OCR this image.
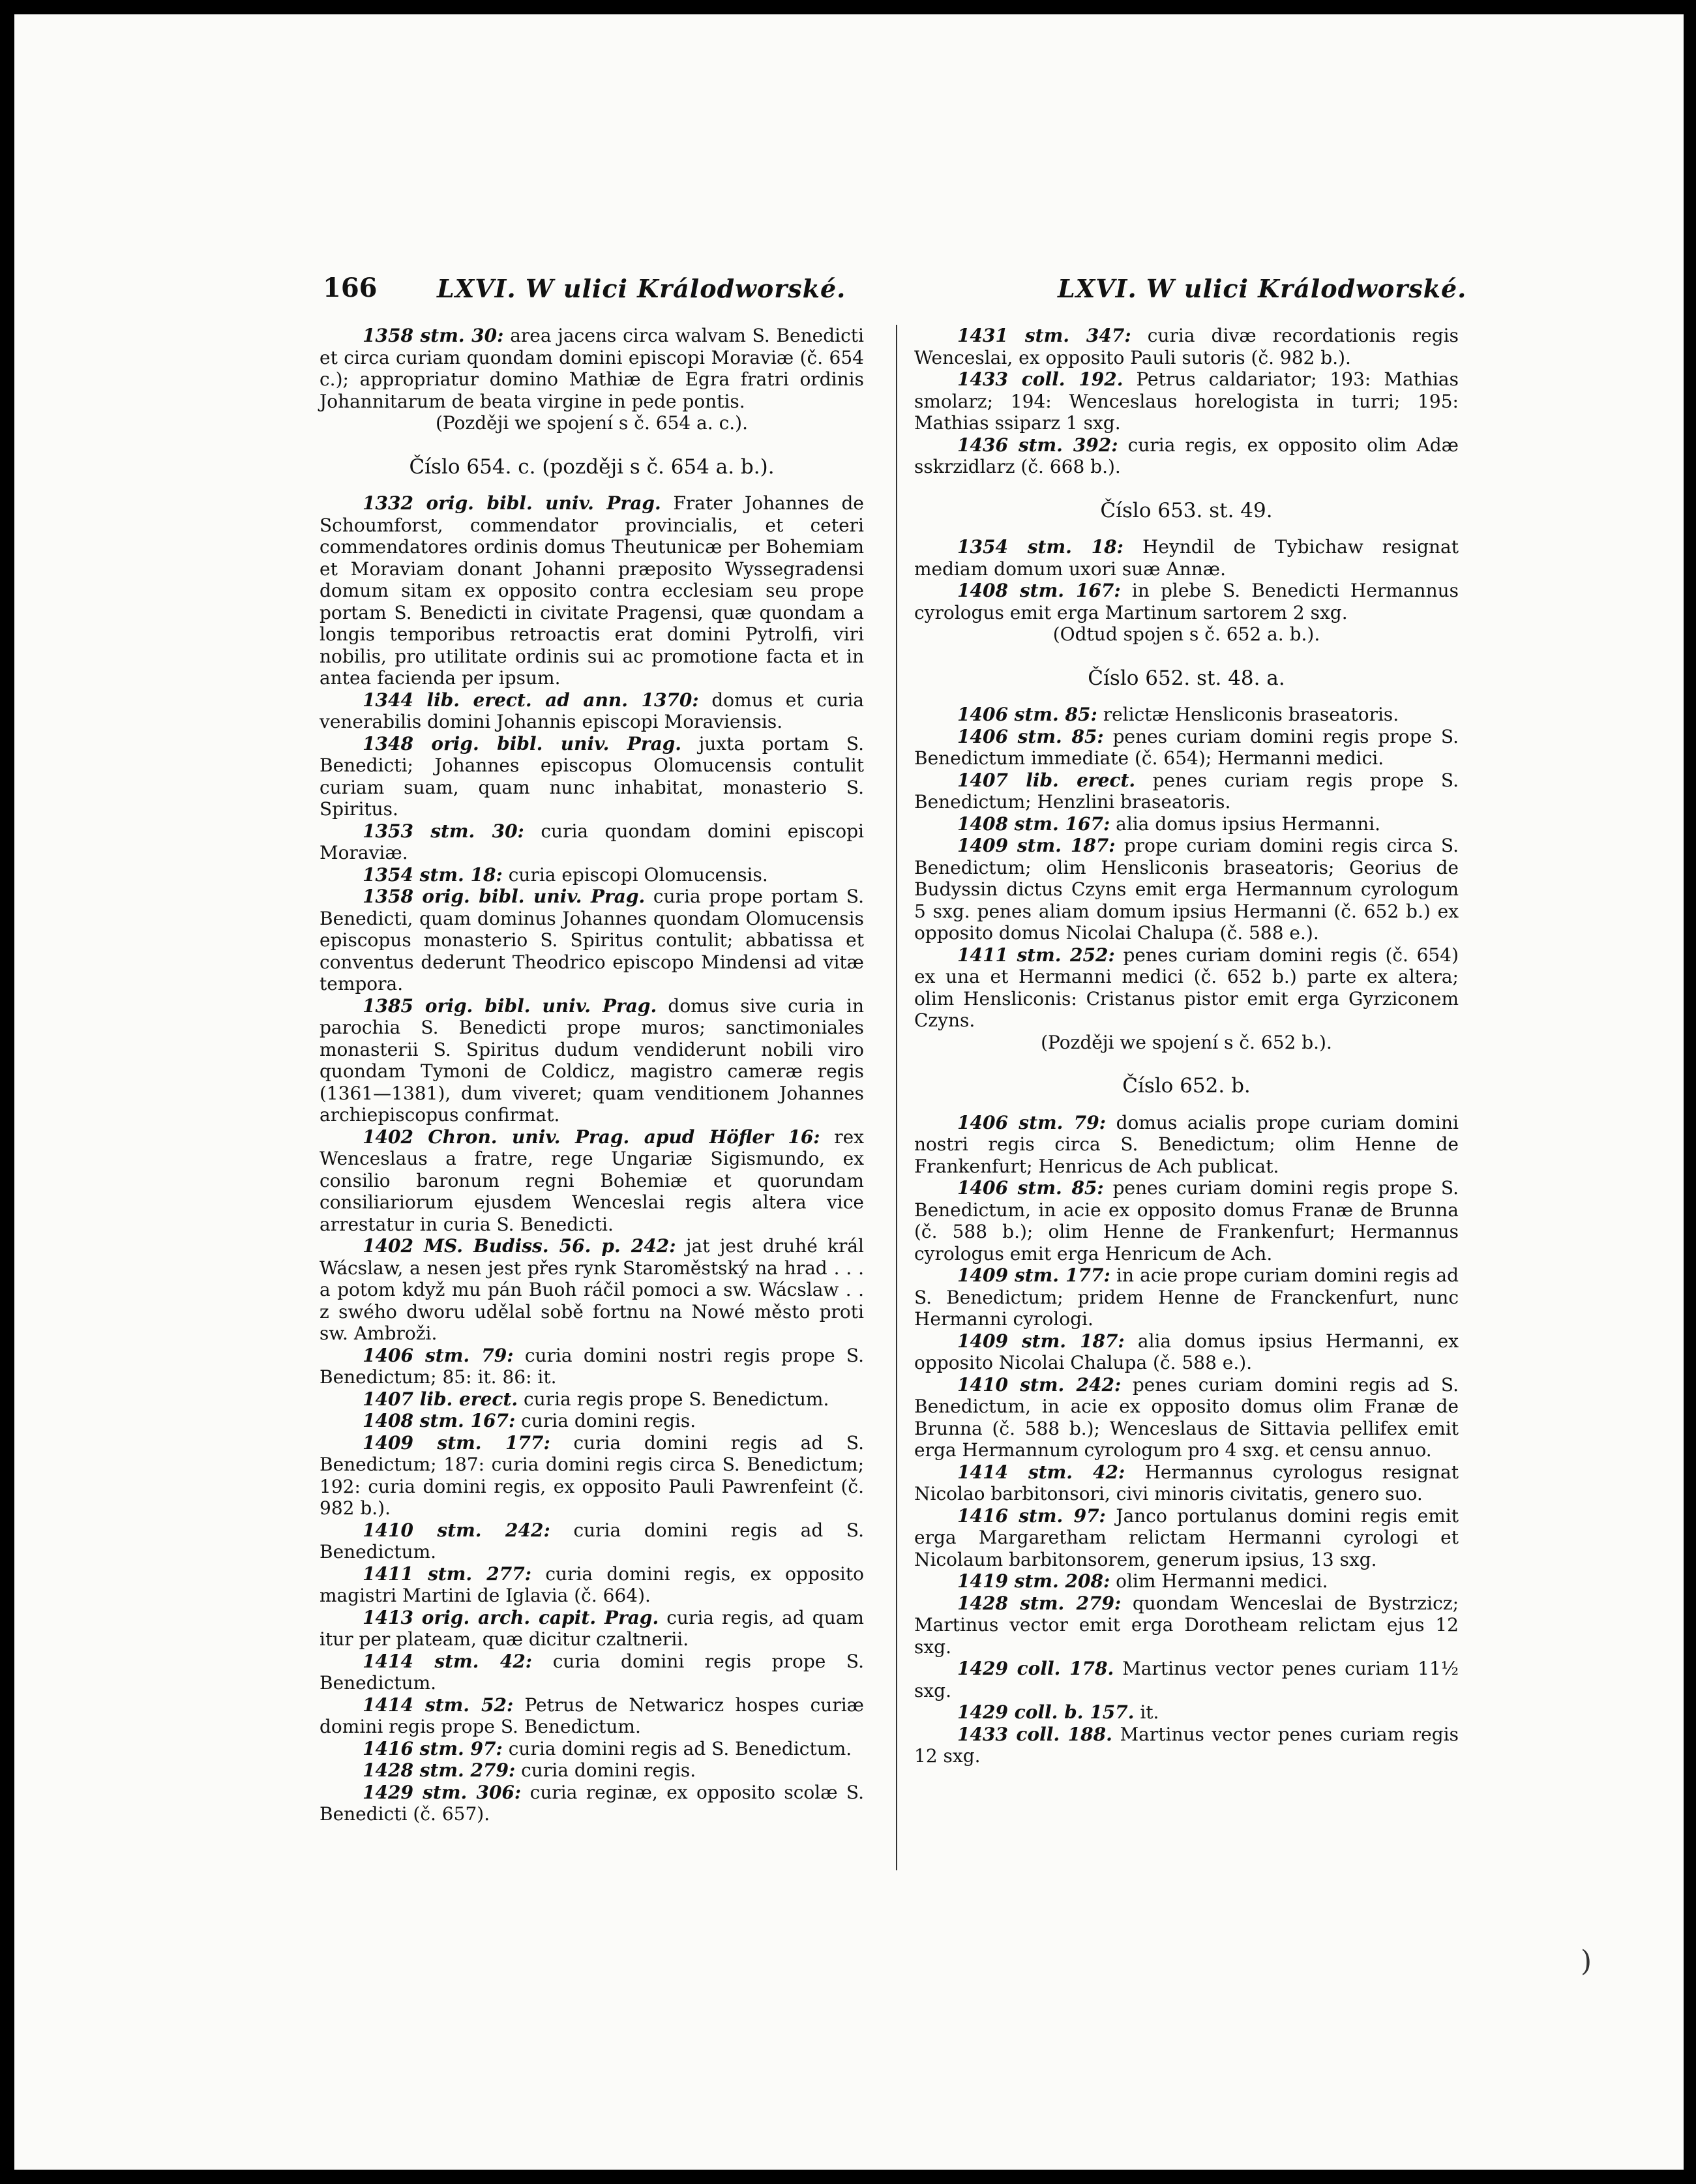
166 LXVI. W ulici Králodworské.	LXVI. W ulici Králodworské.

1358 stm. 30: area jacens circa walvam S. Benedicti et circa curiam quondam domini episcopi Moraviæ (č. 654 c.); appropriatur domino Mathiæ de Egra fratri ordinis Johannitarum de beata virgine in pede pontis.

(Později we spojení s č. 654 a. c.).

Číslo 654. c. (později s č. 654 a. b.).

1332 orig. bibl. univ. Prag. Frater Johannes de Schoumforst, commendator provincialis, et ceteri commendatores ordinis domus Theutunicæ per Bohemiam et Moraviam donant Johanni præposito Wyssegradensi domum sitam ex opposito contra ecclesiam seu prope portam S. Benedicti in civitate Pragensi, quæ quondam a longis temporibus retroactis erat domini Pytrolfi, viri nobilis, pro utilitate ordinis sui ac promotione facta et in antea facienda per ipsum.

1344 lib. erect. ad ann. 1370: domus et curia venerabilis domini Johannis episcopi Moraviensis.

1348 orig. bibl. univ. Prag. juxta portam S. Benedicti; Johannes episcopus Olomucensis contulit curiam suam, quam nunc inhabitat, monasterio S. Spiritus.

1353 stm. 30: curia quondam domini episcopi Moraviæ.

1354 stm. 18: curia episcopi Olomucensis.

1358 orig. bibl. univ. Prag. curia prope portam S. Benedicti, quam dominus Johannes quondam Olomucensis episcopus monasterio S. Spiritus contulit; abbatissa et conventus dederunt Theodrico episcopo Mindensi ad vitæ tempora.

1385 orig. bibl. univ. Prag. domus sive curia in parochia S. Benedicti prope muros; sanctimoniales monasterii S. Spiritus dudum vendiderunt nobili viro quondam Tymoni de Coldicz, magistro cameræ regis (1361—1381), dum viveret; quam venditionem Johannes archiepiscopus confirmat.

1402 Chron. univ. Prag. apud Höfler 16: rex Wenceslaus a fratre, rege Ungariæ Sigismundo, ex consilio baronum regni Bohemiæ et quorundam consiliariorum ejusdem Wenceslai regis altera vice arrestatur in curia S. Benedicti.

1402 MS. Budiss. 56. p. 242: jat jest druhé král Wácslaw, a nesen jest přes rynk Staroměstský na hrad . . . a potom když mu pán Buoh ráčil pomoci a sw. Wácslaw . . z swého dworu udělal sobě fortnu na Nowé město proti sw. Ambroži.

1406 stm. 79: curia domini nostri regis prope S. Benedictum; 85: it. 86: it.

1407 lib. erect. curia regis prope S. Benedictum.

1408 stm. 167: curia domini regis.

1409 stm. 177: curia domini regis ad S. Benedictum; 187: curia domini regis circa S. Benedictum; 192: curia domini regis, ex opposito Pauli Pawrenfeint (č. 982 b.).

1410 stm. 242: curia domini regis ad S. Benedictum.

1411 stm. 277: curia domini regis, ex opposito magistri Martini de Iglavia (č. 664).

1413 orig. arch. capit. Prag. curia regis, ad quam itur per plateam, quæ dicitur czaltnerii.

1414 stm. 42: curia domini regis prope S. Benedictum.

1414 stm. 52: Petrus de Netwaricz hospes curiæ domini regis prope S. Benedictum.

1416 stm. 97: curia domini regis ad S. Benedictum.

1428 stm. 279: curia domini regis.

1429 stm. 306: curia reginæ, ex opposito scolæ S. Benedicti (č. 657).

1431 stm. 347: curia divæ recordationis regis Wenceslai, ex opposito Pauli sutoris (č. 982 b.).

1433 coll. 192. Petrus caldariator; 193: Mathias smolarz; 194: Wenceslaus horelogista in turri; 195: Mathias ssiparz 1 sxg.

1436 stm. 392: curia regis, ex opposito olim Adæ sskrzidlarz (č. 668 b.).

Číslo 653. st. 49.

1354 stm. 18: Heyndil de Tybichaw resignat mediam domum uxori suæ Annæ.

1408 stm. 167: in plebe S. Benedicti Hermannus cyrologus emit erga Martinum sartorem 2 sxg.

(Odtud spojen s č. 652 a. b.).

Číslo 652. st. 48. a.

1406 stm. 85: relictæ Hensliconis braseatoris.

1406 stm. 85: penes curiam domini regis prope S. Benedictum immediate (č. 654); Hermanni medici.

1407 lib. erect. penes curiam regis prope S. Benedictum; Henzlini braseatoris.

1408 stm. 167: alia domus ipsius Hermanni.

1409 stm. 187: prope curiam domini regis circa S. Benedictum; olim Hensliconis braseatoris; Georius de Budyssin dictus Czyns emit erga Hermannum cyrologum 5 sxg. penes aliam domum ipsius Hermanni (č. 652 b.) ex opposito domus Nicolai Chalupa (č. 588 e.).

1411 stm. 252: penes curiam domini regis (č. 654) ex una et Hermanni medici (č. 652 b.) parte ex altera; olim Hensliconis: Cristanus pistor emit erga Gyrziconem Czyns.

(Později we spojení s č. 652 b.).

Číslo 652. b.

1406 stm. 79: domus acialis prope curiam domini nostri regis circa S. Benedictum; olim Henne de Frankenfurt; Henricus de Ach publicat.

1406 stm. 85: penes curiam domini regis prope S. Benedictum, in acie ex opposito domus Franæ de Brunna (č. 588 b.); olim Henne de Frankenfurt; Hermannus cyrologus emit erga Henricum de Ach.

1409 stm. 177: in acie prope curiam domini regis ad S. Benedictum; pridem Henne de Franckenfurt, nunc Hermanni cyrologi.

1409 stm. 187: alia domus ipsius Hermanni, ex opposito Nicolai Chalupa (č. 588 e.).

1410 stm. 242: penes curiam domini regis ad S. Benedictum, in acie ex opposito domus olim Franæ de Brunna (č. 588 b.); Wenceslaus de Sittavia pellifex emit erga Hermannum cyrologum pro 4 sxg. et censu annuo.

1414 stm. 42: Hermannus cyrologus resignat Nicolao barbitonsori, civi minoris civitatis, genero suo.

1416 stm. 97: Janco portulanus domini regis emit erga Margaretham relictam Hermanni cyrologi et Nicolaum barbitonsorem, generum ipsius, 13 sxg.

1419 stm. 208: olim Hermanni medici.

1428 stm. 279: quondam Wenceslai de Bystrzicz; Martinus vector emit erga Dorotheam relictam ejus 12 sxg.

1429 coll. 178. Martinus vector penes curiam 11½ sxg.

1429 coll. b. 157. it.

1433 coll. 188. Martinus vector penes curiam regis 12 sxg.

)
